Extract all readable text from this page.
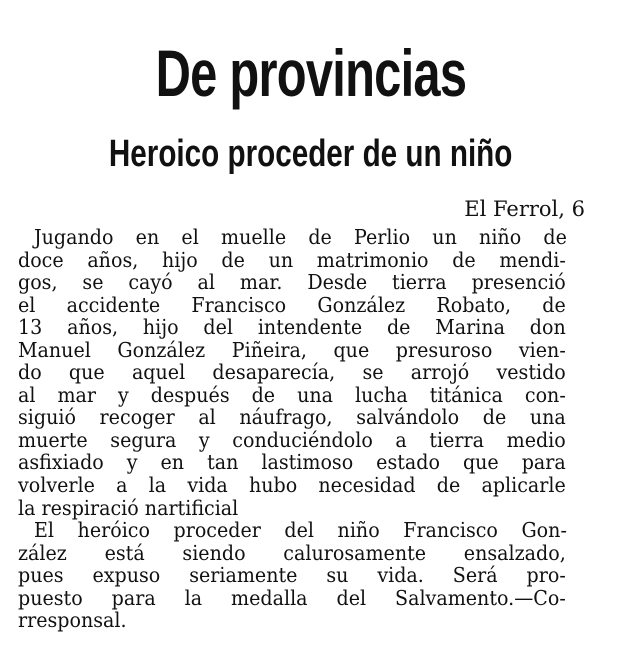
De provincias
Heroico proceder de un niño
El Ferrol, 6
Jugando en el muelle de Perlio un niño de
doce años, hijo de un matrimonio de mendi-
gos, se cayó al mar. Desde tierra presenció
el accidente Francisco González Robato, de
13 años, hijo del intendente de Marina don
Manuel González Piñeira, que presuroso vien-
do que aquel desaparecía, se arrojó vestido
al mar y después de una lucha titánica con-
siguió recoger al náufrago, salvándolo de una
muerte segura y conduciéndolo a tierra medio
asfixiado y en tan lastimoso estado que para
volverle a la vida hubo necesidad de aplicarle
la respiració nartificial
El heróico proceder del niño Francisco Gon-
zález está siendo calurosamente ensalzado,
pues expuso seriamente su vida. Será pro-
puesto para la medalla del Salvamento.—Co-
rresponsal.
